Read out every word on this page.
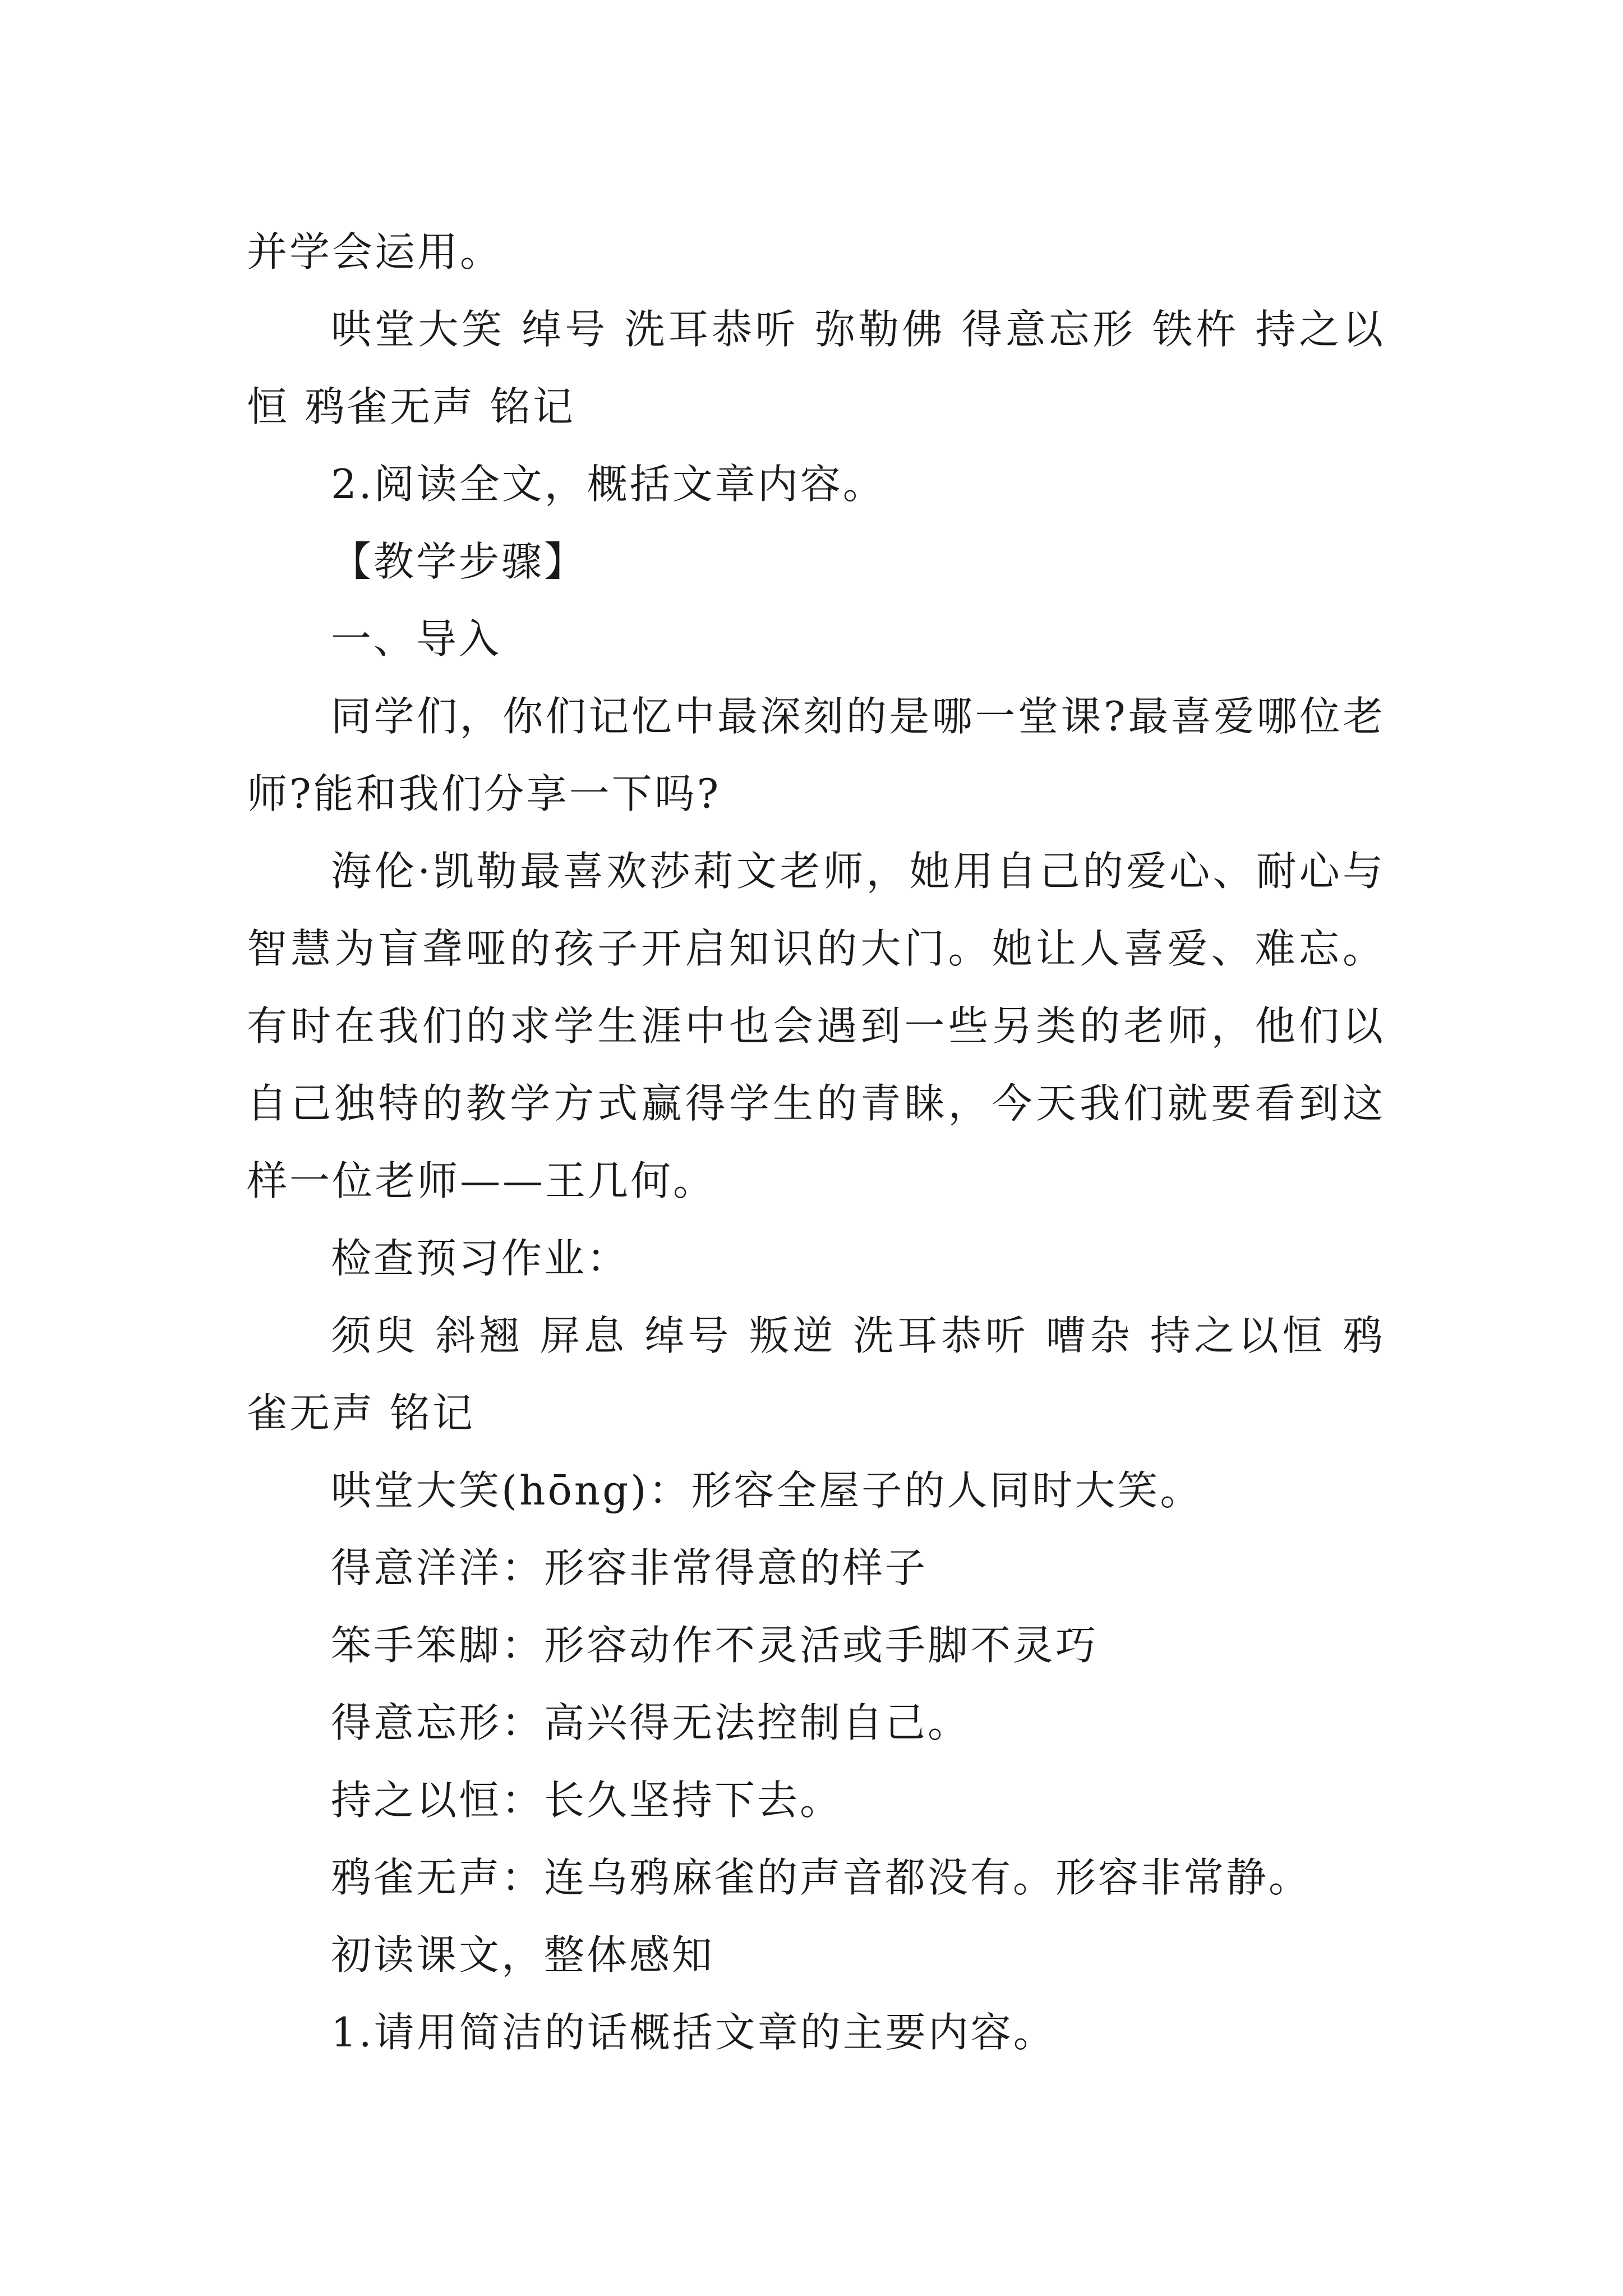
并学会运用。

哄堂大笑 绰号 洗耳恭听 弥勒佛 得意忘形 铁杵 持之以恒 鸦雀无声 铭记

2.阅读全文，概括文章内容。

【教学步骤】

一、导入

同学们，你们记忆中最深刻的是哪一堂课?最喜爱哪位老师?能和我们分享一下吗?

海伦·凯勒最喜欢莎莉文老师，她用自己的爱心、耐心与智慧为盲聋哑的孩子开启知识的大门。她让人喜爱、难忘。有时在我们的求学生涯中也会遇到一些另类的老师，他们以自己独特的教学方式赢得学生的青睐，今天我们就要看到这样一位老师——王几何。

检查预习作业：

须臾 斜翘 屏息 绰号 叛逆 洗耳恭听 嘈杂 持之以恒 鸦雀无声 铭记

哄堂大笑(hōng)：形容全屋子的人同时大笑。

得意洋洋：形容非常得意的样子

笨手笨脚：形容动作不灵活或手脚不灵巧

得意忘形：高兴得无法控制自己。

持之以恒：长久坚持下去。

鸦雀无声：连乌鸦麻雀的声音都没有。形容非常静。

初读课文，整体感知

1.请用简洁的话概括文章的主要内容。
